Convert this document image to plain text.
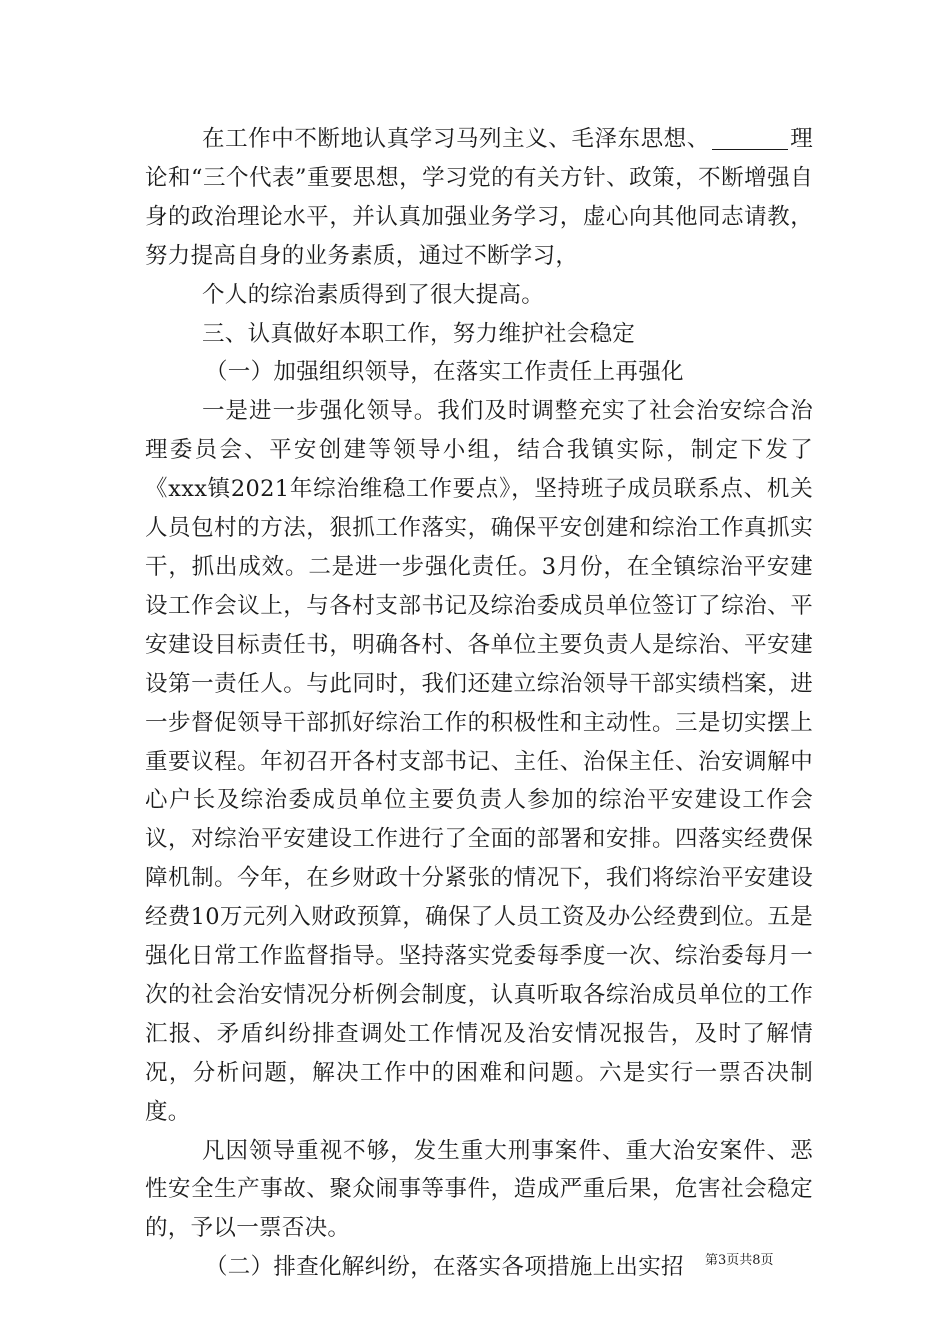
在工作中不断地认真学习马列主义、毛泽东思想、	理论和“三个代表”重要思想，学习党的有关方针、政策，不断增强自身的政治理论水平，并认真加强业务学习，虚心向其他同志请教，努力提高自身的业务素质，通过不断学习，

个人的综治素质得到了很大提高。

三、认真做好本职工作，努力维护社会稳定

（一）加强组织领导，在落实工作责任上再强化

一是进一步强化领导。我们及时调整充实了社会治安综合治理委员会、平安创建等领导小组，结合我镇实际，制定下发了《xxx镇2021年综治维稳工作要点》，坚持班子成员联系点、机关人员包村的方法，狠抓工作落实，确保平安创建和综治工作真抓实干，抓出成效。二是进一步强化责任。3月份，在全镇综治平安建设工作会议上，与各村支部书记及综治委成员单位签订了综治、平安建设目标责任书，明确各村、各单位主要负责人是综治、平安建设第一责任人。与此同时，我们还建立综治领导干部实绩档案，进一步督促领导干部抓好综治工作的积极性和主动性。三是切实摆上重要议程。年初召开各村支部书记、主任、治保主任、治安调解中心户长及综治委成员单位主要负责人参加的综治平安建设工作会议，对综治平安建设工作进行了全面的部署和安排。四落实经费保障机制。今年，在乡财政十分紧张的情况下，我们将综治平安建设经费10万元列入财政预算，确保了人员工资及办公经费到位。五是强化日常工作监督指导。坚持落实党委每季度一次、综治委每月一次的社会治安情况分析例会制度，认真听取各综治成员单位的工作汇报、矛盾纠纷排查调处工作情况及治安情况报告，及时了解情况，分析问题，解决工作中的困难和问题。六是实行一票否决制度。

凡因领导重视不够，发生重大刑事案件、重大治安案件、恶性安全生产事故、聚众闹事等事件，造成严重后果，危害社会稳定的，予以一票否决。

（二）排查化解纠纷，在落实各项措施上出实招	第3页共8页
